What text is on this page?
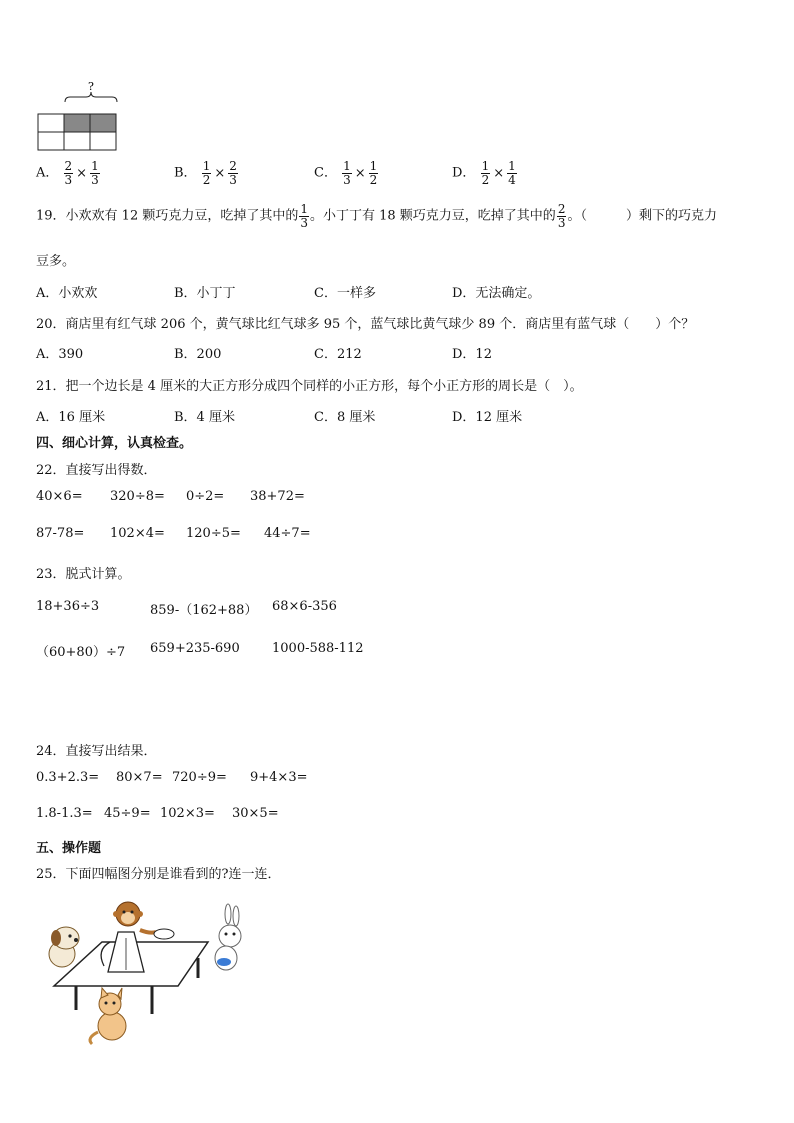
?
A． $\frac{2}{3} \times \frac{1}{3}$	B． $\frac{1}{2} \times \frac{2}{3}$	C． $\frac{1}{3} \times \frac{1}{2}$	D． $\frac{1}{2} \times \frac{1}{4}$
19．小欢欢有 12 颗巧克力豆，吃掉了其中的 $\frac{1}{3}$ 。小丁丁有 18 颗巧克力豆，吃掉了其中的 $\frac{2}{3}$ 。（　　　）剩下的巧克力
豆多。
A．小欢欢	B．小丁丁	C．一样多	D．无法确定。
20．商店里有红气球 206 个，黄气球比红气球多 95 个，蓝气球比黄气球少 89 个．商店里有蓝气球（　　）个？
A．390	B．200	C．212	D．12
21．把一个边长是 4 厘米的大正方形分成四个同样的小正方形，每个小正方形的周长是（　）。
A．16 厘米	B．4 厘米	C．8 厘米	D．12 厘米
四、细心计算，认真检查。
22．直接写出得数．
40×6= 320÷8= 0÷2= 38+72=
87-78= 102×4= 120÷5= 44÷7=
23．脱式计算。
18+36÷3	859-（162+88） 68×6-356
（60+80）÷7 659+235-690 1000-588-112
24．直接写出结果．
0.3+2.3= 80×7= 720÷9= 9+4×3=
1.8-1.3= 45÷9= 102×3= 30×5=
五、操作题
25．下面四幅图分别是谁看到的?连一连．
